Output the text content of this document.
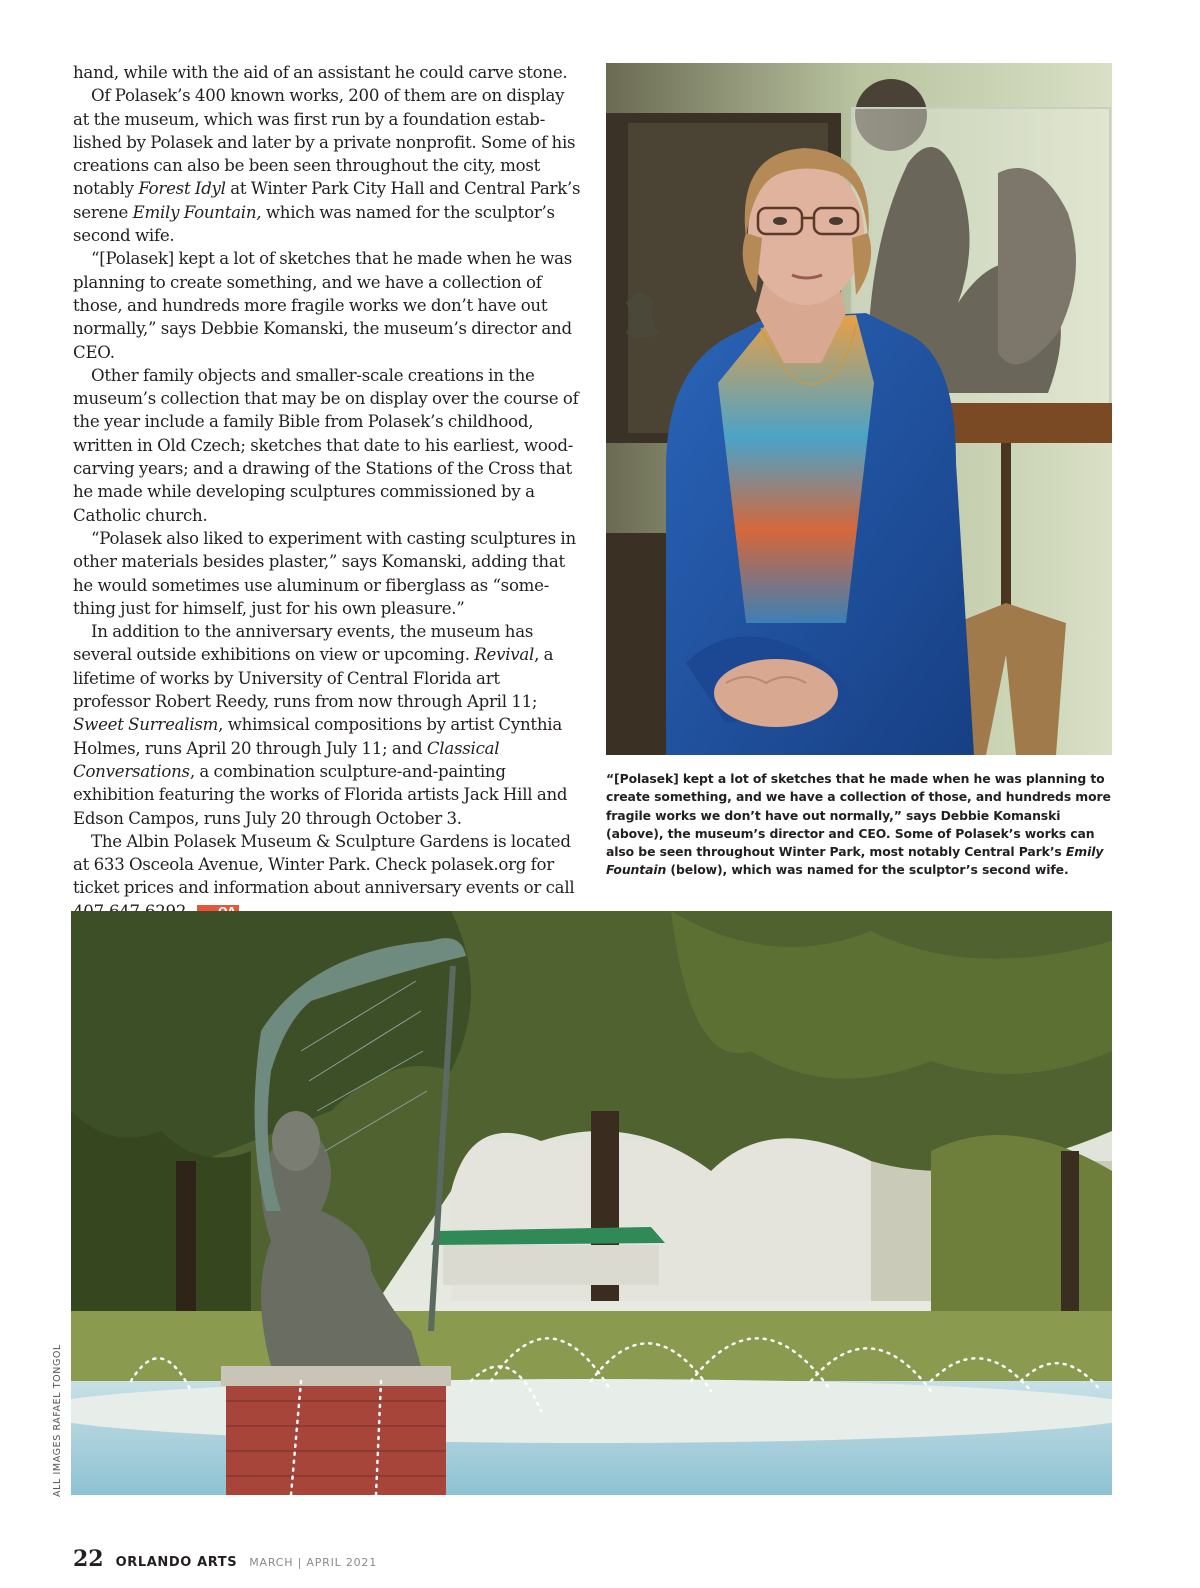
hand, while with the aid of an assistant he could carve stone.

Of Polasek’s 400 known works, 200 of them are on display at the museum, which was first run by a foundation established by Polasek and later by a private nonprofit. Some of his creations can also be been seen throughout the city, most notably Forest Idyl at Winter Park City Hall and Central Park’s serene Emily Fountain, which was named for the sculptor’s second wife.

“[Polasek] kept a lot of sketches that he made when he was planning to create something, and we have a collection of those, and hundreds more fragile works we don’t have out normally,” says Debbie Komanski, the museum’s director and CEO.

Other family objects and smaller-scale creations in the museum’s collection that may be on display over the course of the year include a family Bible from Polasek’s childhood, written in Old Czech; sketches that date to his earliest, woodcarving years; and a drawing of the Stations of the Cross that he made while developing sculptures commissioned by a Catholic church.

“Polasek also liked to experiment with casting sculptures in other materials besides plaster,” says Komanski, adding that he would sometimes use aluminum or fiberglass as “something just for himself, just for his own pleasure.”

In addition to the anniversary events, the museum has several outside exhibitions on view or upcoming. Revival, a lifetime of works by University of Central Florida art professor Robert Reedy, runs from now through April 11; Sweet Surrealism, whimsical compositions by artist Cynthia Holmes, runs April 20 through July 11; and Classical Conversations, a combination sculpture-and-painting exhibition featuring the works of Florida artists Jack Hill and Edson Campos, runs July 20 through October 3.

The Albin Polasek Museum & Sculpture Gardens is located at 633 Osceola Avenue, Winter Park. Check polasek.org for ticket prices and information about anniversary events or call

“[Polasek] kept a lot of sketches that he made when he was planning to create something, and we have a collection of those, and hundreds more fragile works we don’t have out normally,” says Debbie Komanski (above), the museum’s director and CEO. Some of Polasek’s works can also be seen throughout Winter Park, most notably Central Park’s Emily Fountain (below), which was named for the sculptor’s second wife.

ALL IMAGES RAFAEL TONGOL
22 ORLANDO ARTS MARCH | APRIL 2021
